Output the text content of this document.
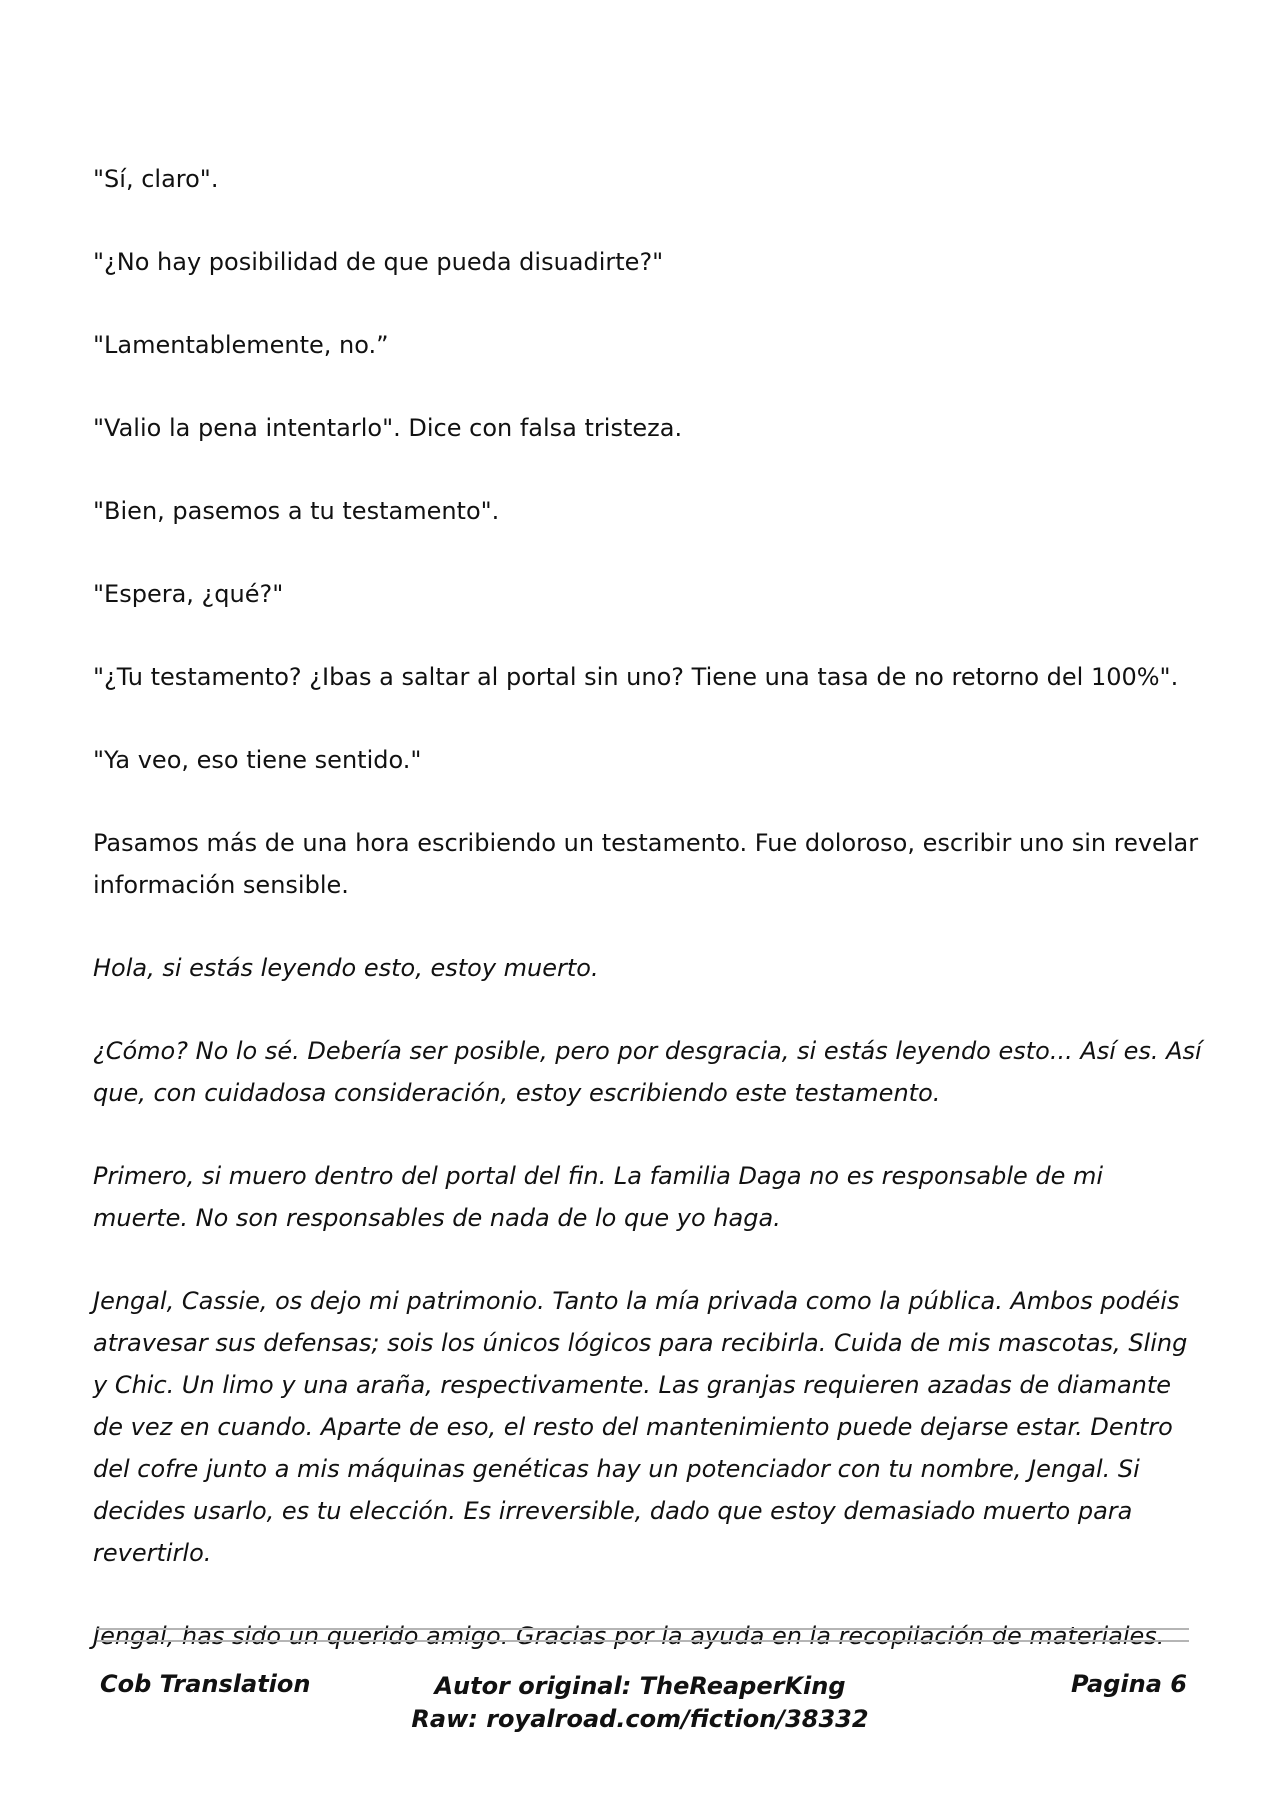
"Sí, claro".

"¿No hay posibilidad de que pueda disuadirte?"

"Lamentablemente, no.”

"Valio la pena intentarlo". Dice con falsa tristeza.

"Bien, pasemos a tu testamento".

"Espera, ¿qué?"

"¿Tu testamento? ¿Ibas a saltar al portal sin uno? Tiene una tasa de no retorno del 100%".

"Ya veo, eso tiene sentido."

Pasamos más de una hora escribiendo un testamento. Fue doloroso, escribir uno sin revelar información sensible.

Hola, si estás leyendo esto, estoy muerto.

¿Cómo? No lo sé. Debería ser posible, pero por desgracia, si estás leyendo esto... Así es. Así que, con cuidadosa consideración, estoy escribiendo este testamento.

Primero, si muero dentro del portal del fin. La familia Daga no es responsable de mi muerte. No son responsables de nada de lo que yo haga.

Jengal, Cassie, os dejo mi patrimonio. Tanto la mía privada como la pública. Ambos podéis atravesar sus defensas; sois los únicos lógicos para recibirla. Cuida de mis mascotas, Sling y Chic. Un limo y una araña, respectivamente. Las granjas requieren azadas de diamante de vez en cuando. Aparte de eso, el resto del mantenimiento puede dejarse estar. Dentro del cofre junto a mis máquinas genéticas hay un potenciador con tu nombre, Jengal. Si decides usarlo, es tu elección. Es irreversible, dado que estoy demasiado muerto para revertirlo.

Jengal, has sido un querido amigo. Gracias por la ayuda en la recopilación de materiales.

Cob Translation	Autor original: TheReaperKing
Raw: royalroad.com/fiction/38332
Pagina 6
